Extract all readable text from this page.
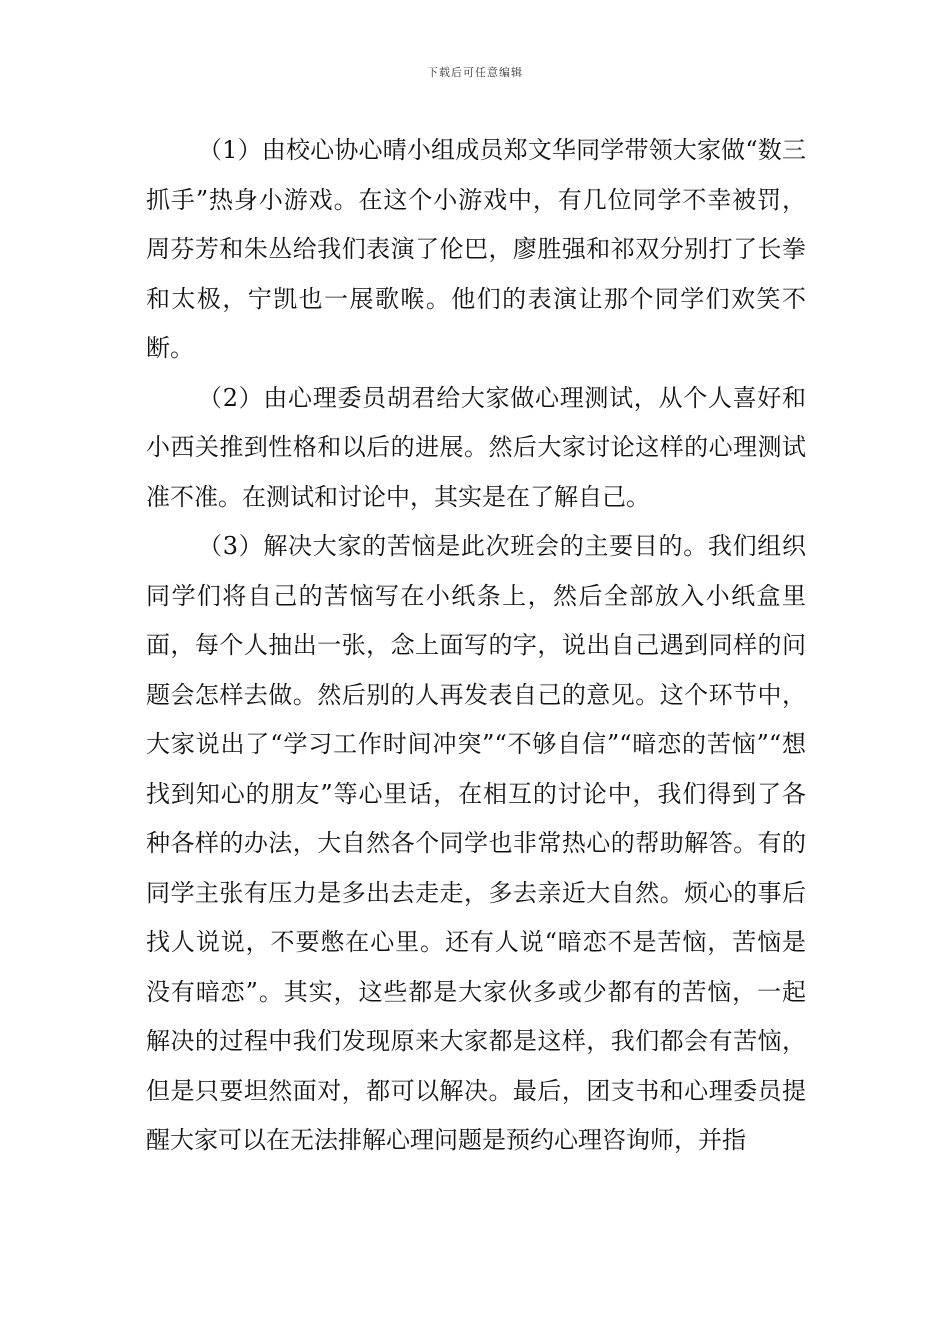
下载后可任意编辑

（1）由校心协心晴小组成员郑文华同学带领大家做“数三抓手”热身小游戏。在这个小游戏中，有几位同学不幸被罚，周芬芳和朱丛给我们表演了伦巴，廖胜强和祁双分别打了长拳和太极，宁凯也一展歌喉。他们的表演让那个同学们欢笑不断。

（2）由心理委员胡君给大家做心理测试，从个人喜好和小西关推到性格和以后的进展。然后大家讨论这样的心理测试准不准。在测试和讨论中，其实是在了解自己。

（3）解决大家的苦恼是此次班会的主要目的。我们组织同学们将自己的苦恼写在小纸条上，然后全部放入小纸盒里面，每个人抽出一张，念上面写的字，说出自己遇到同样的问题会怎样去做。然后别的人再发表自己的意见。这个环节中，大家说出了“学习工作时间冲突”“不够自信”“暗恋的苦恼”“想找到知心的朋友”等心里话，在相互的讨论中，我们得到了各种各样的办法，大自然各个同学也非常热心的帮助解答。有的同学主张有压力是多出去走走，多去亲近大自然。烦心的事后找人说说，不要憋在心里。还有人说“暗恋不是苦恼，苦恼是没有暗恋”。其实，这些都是大家伙多或少都有的苦恼，一起解决的过程中我们发现原来大家都是这样，我们都会有苦恼，但是只要坦然面对，都可以解决。最后，团支书和心理委员提醒大家可以在无法排解心理问题是预约心理咨询师，并指
